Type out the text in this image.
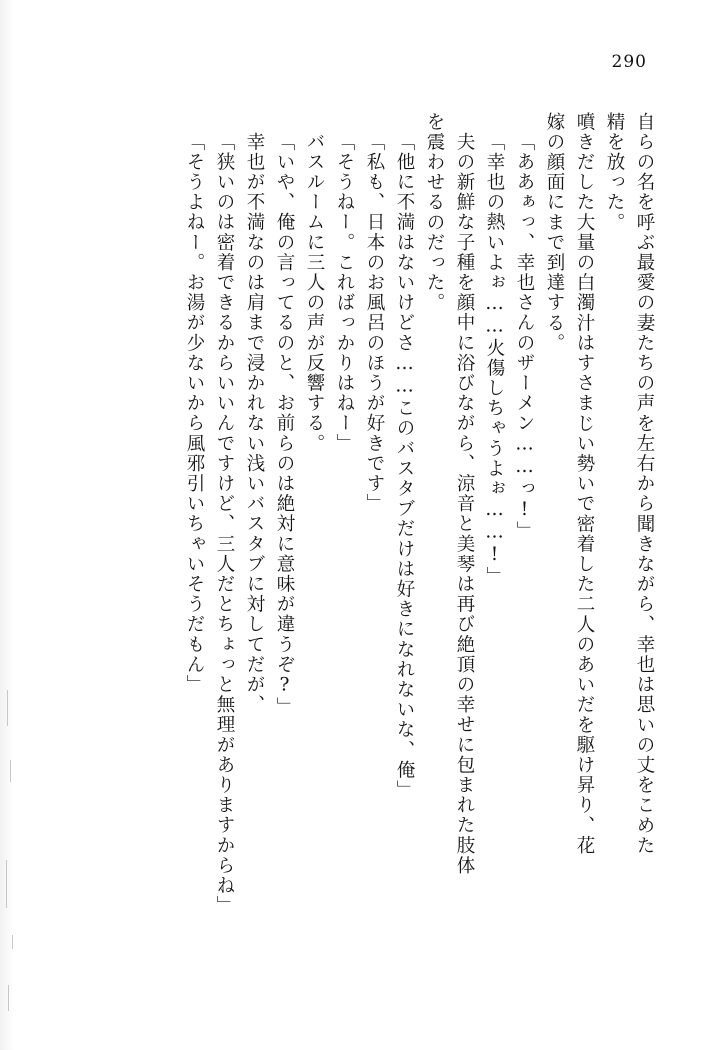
290
自らの名を呼ぶ最愛の妻たちの声を左右から聞きながら、幸也は思いの丈をこめた
精を放った。
噴きだした大量の白濁汁はすさまじい勢いで密着した二人のあいだを駆け昇り、花
嫁の顔面にまで到達する。
「ああぁっ、幸也さんのザーメン……っ!」
「幸也の熱いよぉ……火傷しちゃうよぉ……!」
夫の新鮮な子種を顔中に浴びながら、涼音と美琴は再び絶頂の幸せに包まれた肢体
を震わせるのだった。
「他に不満はないけどさ……このバスタブだけは好きになれないな、俺」
「私も、日本のお風呂のほうが好きです」
「そうねー。こればっかりはねー」
バスルームに三人の声が反響する。
「いや、俺の言ってるのと、お前らのは絶対に意味が違うぞ?」
幸也が不満なのは肩まで浸かれない浅いバスタブに対してだが、
「狭いのは密着できるからいいんですけど、三人だとちょっと無理がありますからね」
「そうよねー。お湯が少ないから風邪引いちゃいそうだもん」
